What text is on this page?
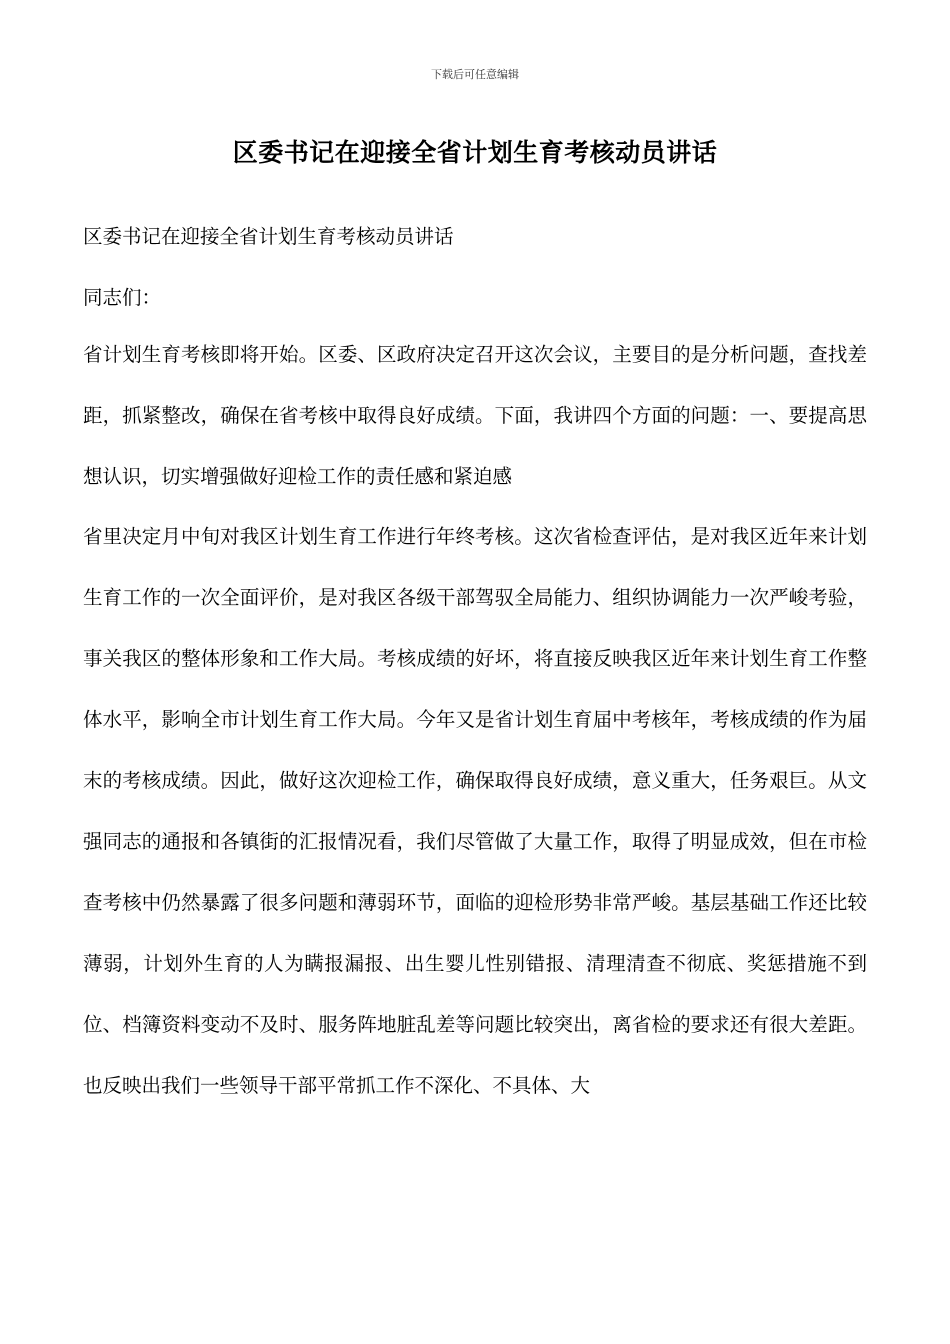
下载后可任意编辑
区委书记在迎接全省计划生育考核动员讲话

区委书记在迎接全省计划生育考核动员讲话

同志们：

省计划生育考核即将开始。区委、区政府决定召开这次会议，主要目的是分析问题，查找差距，抓紧整改，确保在省考核中取得良好成绩。下面，我讲四个方面的问题：一、要提高思想认识，切实增强做好迎检工作的责任感和紧迫感

省里决定月中旬对我区计划生育工作进行年终考核。这次省检查评估，是对我区近年来计划生育工作的一次全面评价，是对我区各级干部驾驭全局能力、组织协调能力一次严峻考验，事关我区的整体形象和工作大局。考核成绩的好坏，将直接反映我区近年来计划生育工作整体水平，影响全市计划生育工作大局。今年又是省计划生育届中考核年，考核成绩的作为届末的考核成绩。因此，做好这次迎检工作，确保取得良好成绩，意义重大，任务艰巨。从文强同志的通报和各镇街的汇报情况看，我们尽管做了大量工作，取得了明显成效，但在市检查考核中仍然暴露了很多问题和薄弱环节，面临的迎检形势非常严峻。基层基础工作还比较薄弱，计划外生育的人为瞒报漏报、出生婴儿性别错报、清理清查不彻底、奖惩措施不到位、档簿资料变动不及时、服务阵地脏乱差等问题比较突出，离省检的要求还有很大差距。也反映出我们一些领导干部平常抓工作不深化、不具体、大
